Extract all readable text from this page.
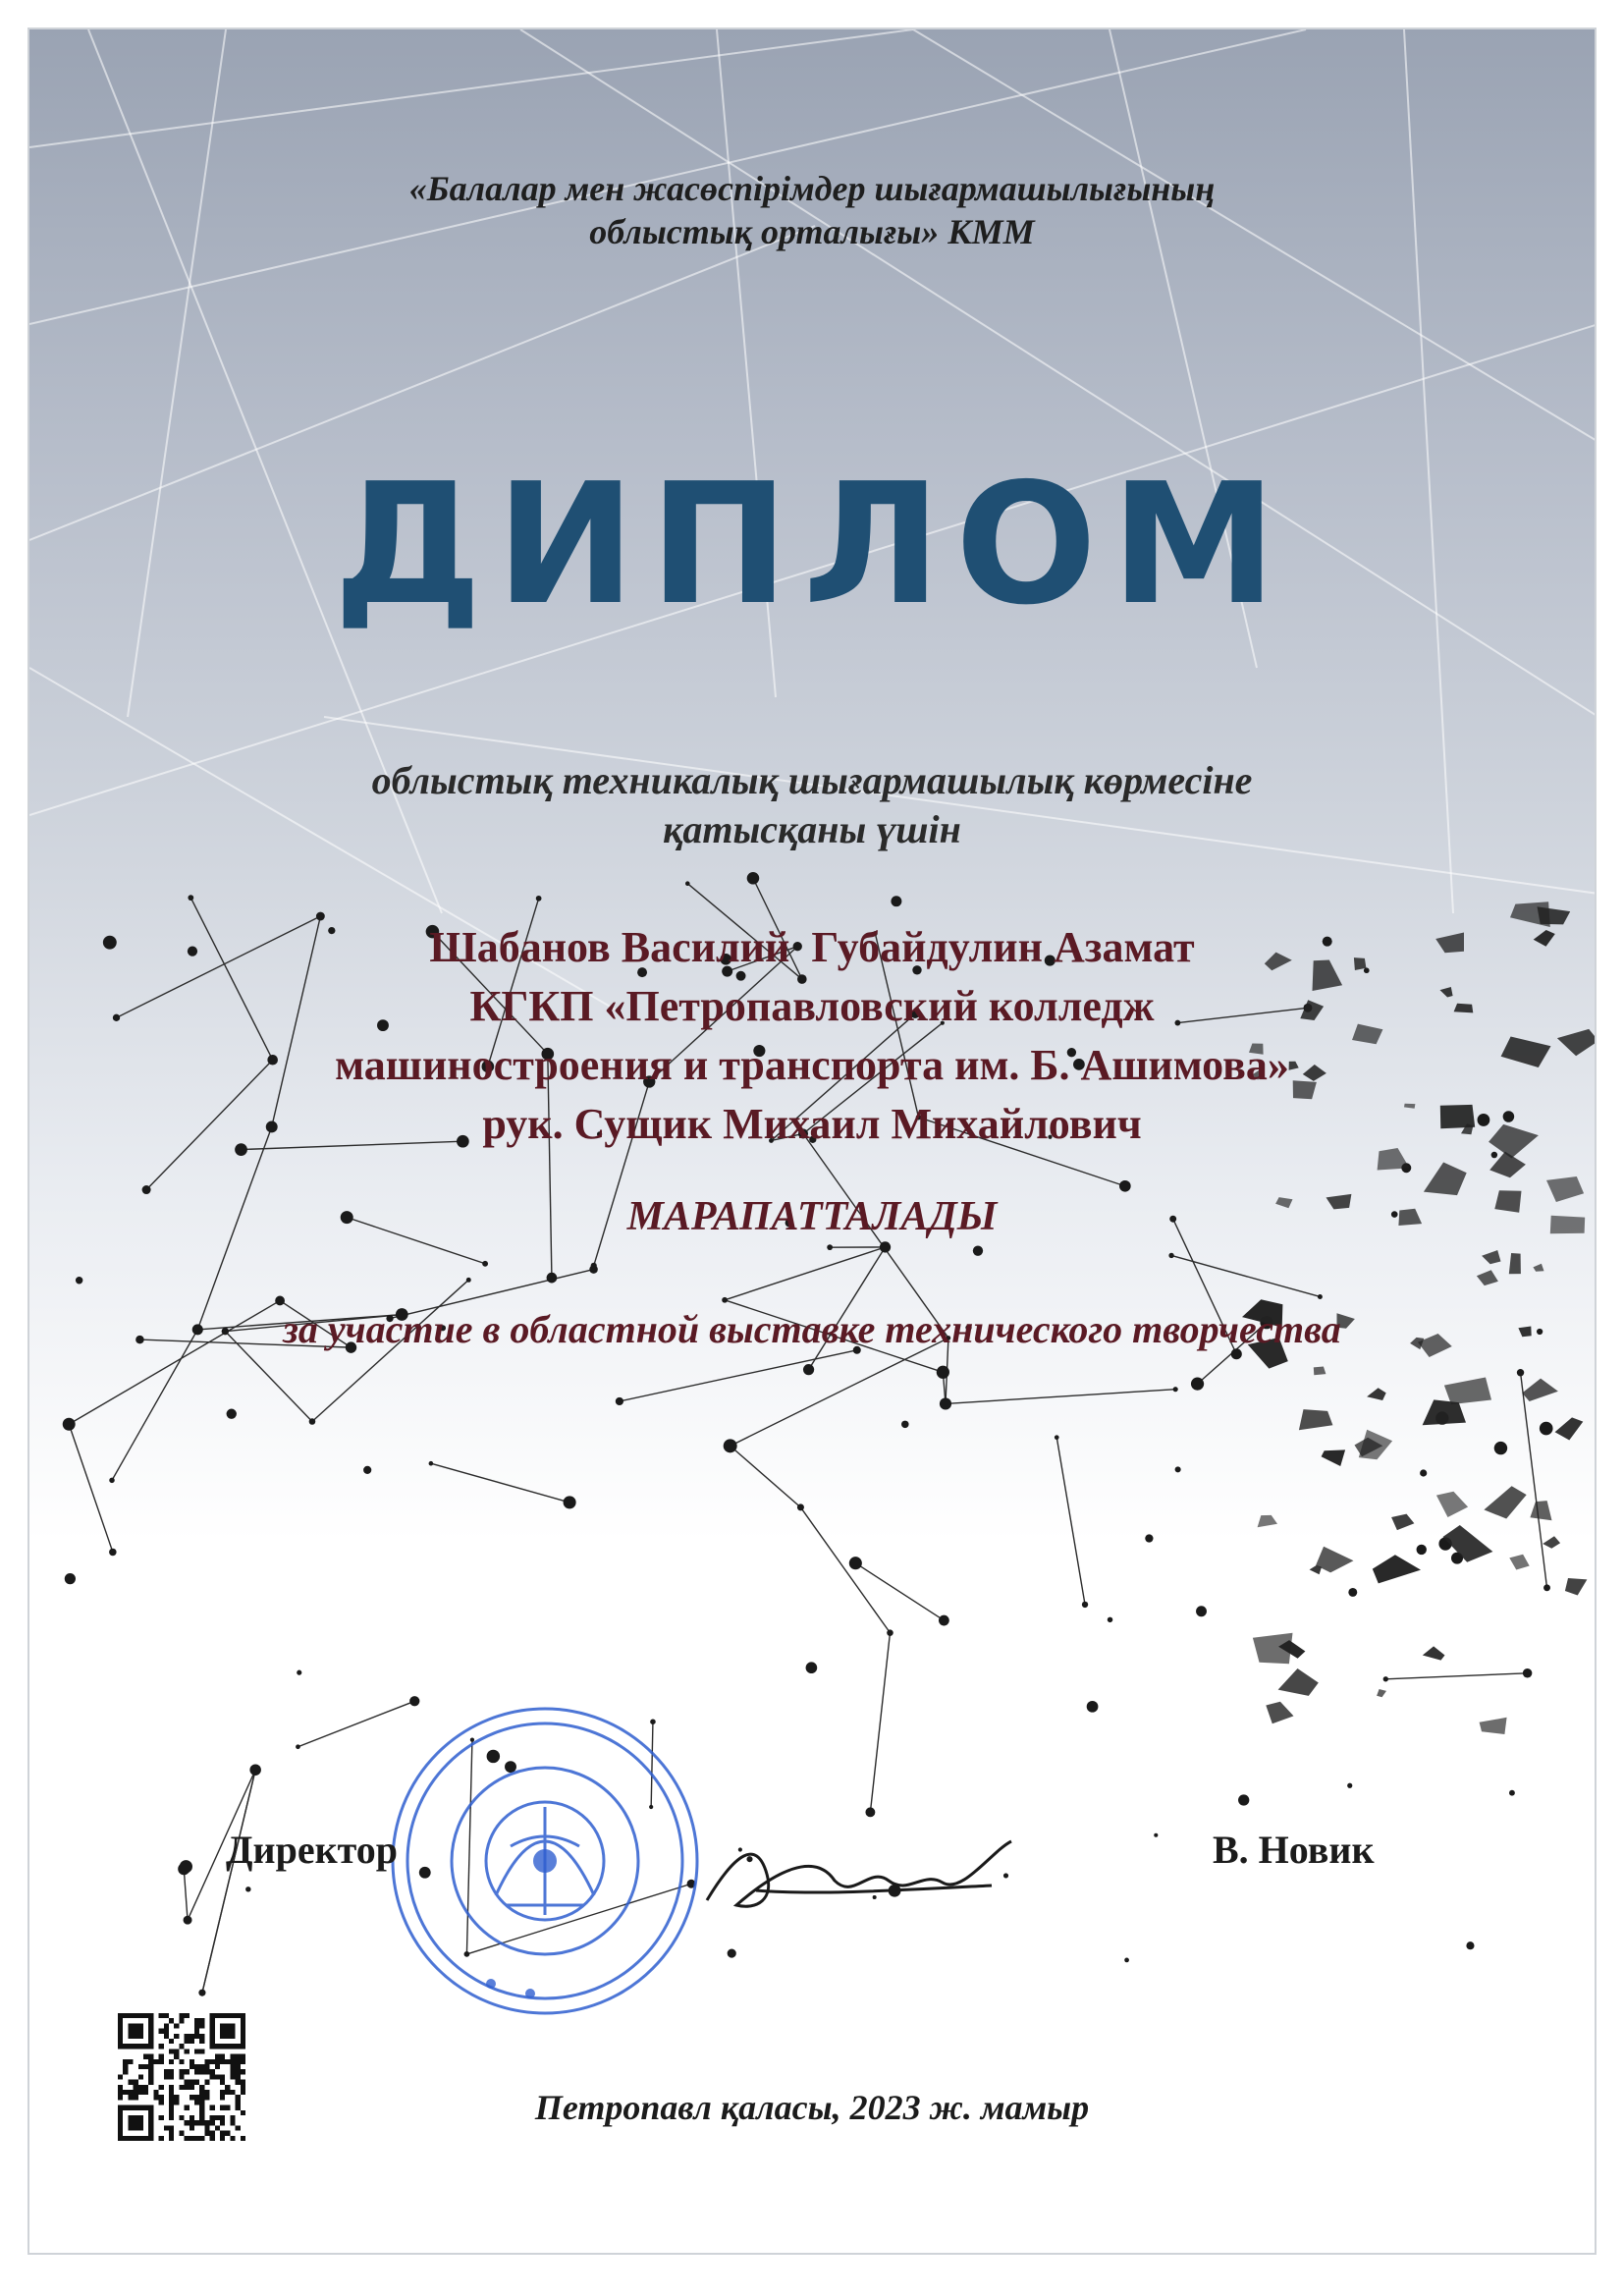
«Балалар мен жасөспірімдер шығармашылығының
облыстық орталығы» КММ
ДИПЛОМ
облыстық техникалық шығармашылық көрмесіне
қатысқаны үшін
Шабанов Василий  Губайдулин Азамат
КГКП «Петропавловский колледж
машиностроения и транспорта им. Б. Ашимова»
рук. Сущик Михаил Михайлович
МАРАПАТТАЛАДЫ
за участие в областной выставке технического творчества
Директор	В. Новик
Петропавл қаласы, 2023 ж. мамыр
